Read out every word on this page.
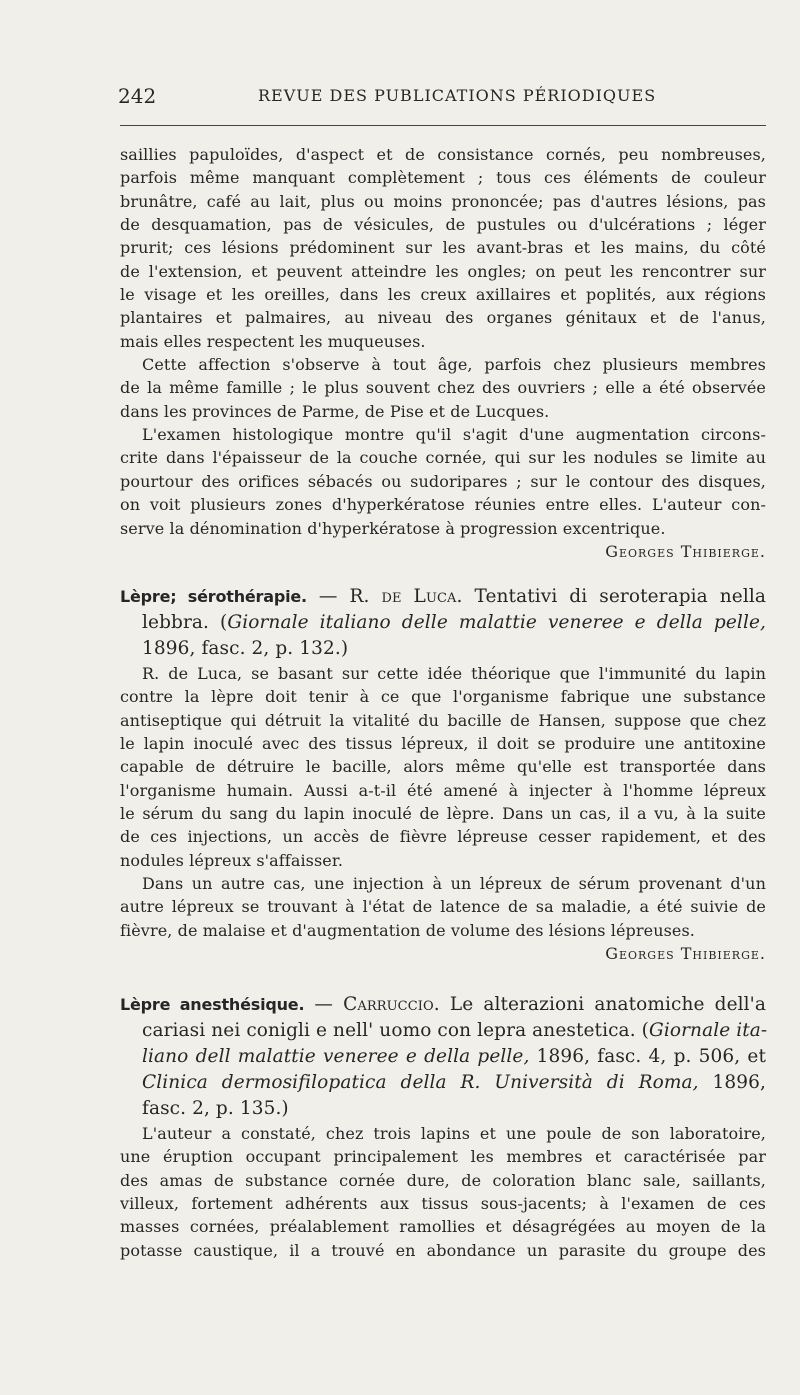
242	REVUE DES PUBLICATIONS PÉRIODIQUES
saillies papuloïdes, d'aspect et de consistance cornés, peu nombreuses,
parfois même manquant complètement ; tous ces éléments de couleur
brunâtre, café au lait, plus ou moins prononcée; pas d'autres lésions, pas
de desquamation, pas de vésicules, de pustules ou d'ulcérations ; léger
prurit; ces lésions prédominent sur les avant-bras et les mains, du côté
de l'extension, et peuvent atteindre les ongles; on peut les rencontrer sur
le visage et les oreilles, dans les creux axillaires et poplités, aux régions
plantaires et palmaires, au niveau des organes génitaux et de l'anus,
mais elles respectent les muqueuses.
Cette affection s'observe à tout âge, parfois chez plusieurs membres
de la même famille ; le plus souvent chez des ouvriers ; elle a été observée
dans les provinces de Parme, de Pise et de Lucques.
L'examen histologique montre qu'il s'agit d'une augmentation circons-
crite dans l'épaisseur de la couche cornée, qui sur les nodules se limite au
pourtour des orifices sébacés ou sudoripares ; sur le contour des disques,
on voit plusieurs zones d'hyperkératose réunies entre elles. L'auteur con-
serve la dénomination d'hyperkératose à progression excentrique.
Georges Thibierge.
Lèpre; sérothérapie. — R. de Luca. Tentativi di seroterapia nella
lebbra. (Giornale italiano delle malattie veneree e della pelle,
1896, fasc. 2, p. 132.)
R. de Luca, se basant sur cette idée théorique que l'immunité du lapin
contre la lèpre doit tenir à ce que l'organisme fabrique une substance
antiseptique qui détruit la vitalité du bacille de Hansen, suppose que chez
le lapin inoculé avec des tissus lépreux, il doit se produire une antitoxine
capable de détruire le bacille, alors même qu'elle est transportée dans
l'organisme humain. Aussi a-t-il été amené à injecter à l'homme lépreux
le sérum du sang du lapin inoculé de lèpre. Dans un cas, il a vu, à la suite
de ces injections, un accès de fièvre lépreuse cesser rapidement, et des
nodules lépreux s'affaisser.
Dans un autre cas, une injection à un lépreux de sérum provenant d'un
autre lépreux se trouvant à l'état de latence de sa maladie, a été suivie de
fièvre, de malaise et d'augmentation de volume des lésions lépreuses.
Georges Thibierge.
Lèpre anesthésique. — Carruccio. Le alterazioni anatomiche dell'a
cariasi nei conigli e nell' uomo con lepra anestetica. (Giornale ita-
liano dell malattie veneree e della pelle, 1896, fasc. 4, p. 506, et
Clinica dermosifilopatica della R. Università di Roma, 1896,
fasc. 2, p. 135.)
L'auteur a constaté, chez trois lapins et une poule de son laboratoire,
une éruption occupant principalement les membres et caractérisée par
des amas de substance cornée dure, de coloration blanc sale, saillants,
villeux, fortement adhérents aux tissus sous-jacents; à l'examen de ces
masses cornées, préalablement ramollies et désagrégées au moyen de la
potasse caustique, il a trouvé en abondance un parasite du groupe des
